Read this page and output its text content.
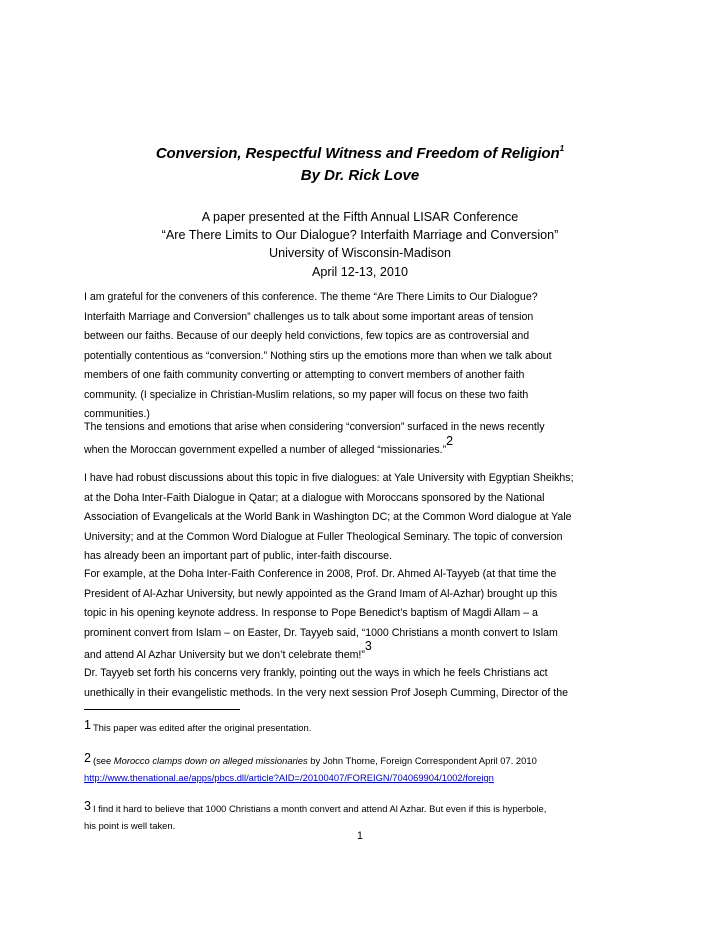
Conversion, Respectful Witness and Freedom of Religion$^1$
By Dr. Rick Love
A paper presented at the Fifth Annual LISAR Conference
“Are There Limits to Our Dialogue? Interfaith Marriage and Conversion”
University of Wisconsin-Madison
April 12-13, 2010
I am grateful for the conveners of this conference. The theme “Are There Limits to Our Dialogue?
Interfaith Marriage and Conversion” challenges us to talk about some important areas of tension
between our faiths. Because of our deeply held convictions, few topics are as controversial and
potentially contentious as “conversion.” Nothing stirs up the emotions more than when we talk about
members of one faith community converting or attempting to convert members of another faith
community. (I specialize in Christian-Muslim relations, so my paper will focus on these two faith
communities.)
The tensions and emotions that arise when considering “conversion” surfaced in the news recently
when the Moroccan government expelled a number of alleged “missionaries.”2
I have had robust discussions about this topic in five dialogues: at Yale University with Egyptian Sheikhs;
at the Doha Inter-Faith Dialogue in Qatar; at a dialogue with Moroccans sponsored by the National
Association of Evangelicals at the World Bank in Washington DC; at the Common Word dialogue at Yale
University; and at the Common Word Dialogue at Fuller Theological Seminary. The topic of conversion
has already been an important part of public, inter-faith discourse.
For example, at the Doha Inter-Faith Conference in 2008, Prof. Dr. Ahmed Al-Tayyeb (at that time the
President of Al-Azhar University, but newly appointed as the Grand Imam of Al-Azhar) brought up this
topic in his opening keynote address. In response to Pope Benedict’s baptism of Magdi Allam – a
prominent convert from Islam – on Easter, Dr. Tayyeb said, “1000 Christians a month convert to Islam
and attend Al Azhar University but we don’t celebrate them!”3
Dr. Tayyeb set forth his concerns very frankly, pointing out the ways in which he feels Christians act
unethically in their evangelistic methods. In the very next session Prof Joseph Cumming, Director of the
1 This paper was edited after the original presentation.
2 (see Morocco clamps down on alleged missionaries by John Thorne, Foreign Correspondent April 07. 2010
http://www.thenational.ae/apps/pbcs.dll/article?AID=/20100407/FOREIGN/704069904/1002/foreign
3 I find it hard to believe that 1000 Christians a month convert and attend Al Azhar. But even if this is hyperbole,
his point is well taken.
1
